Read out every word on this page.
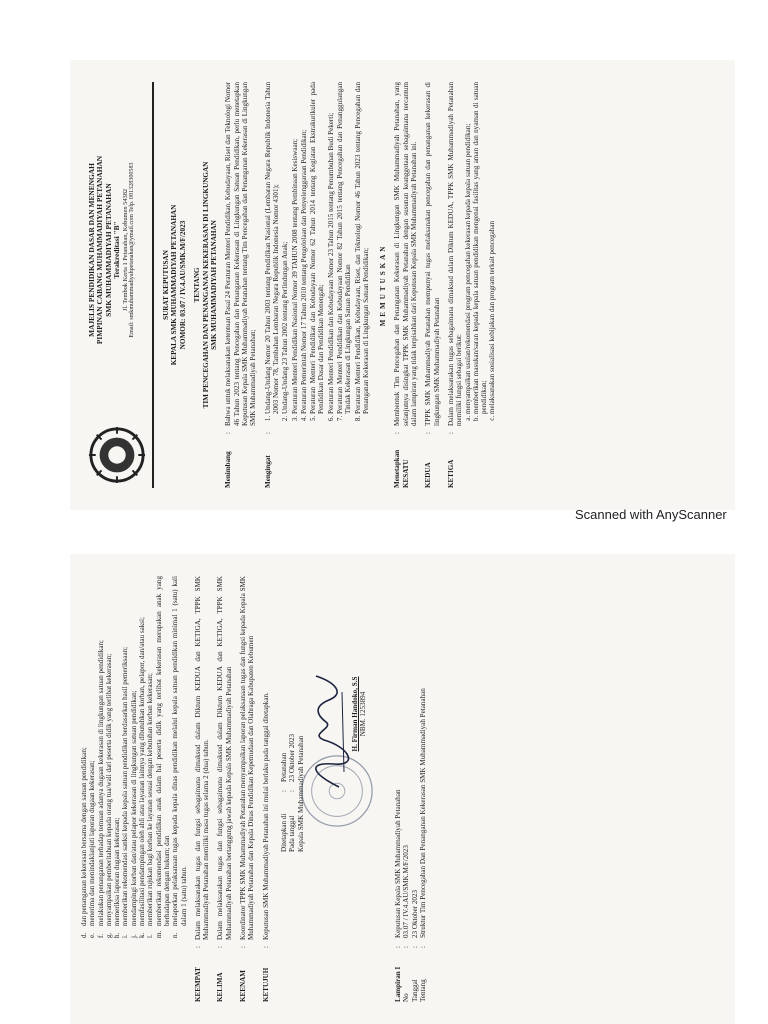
MAJELIS PENDIDIKAN DASAR DAN MENENGAH PIMPINAN CABANG MUHAMMADIYAH PETANAHAN SMK MUHAMMADIYAH PETANAHAN Terakreditasi "B" Jl. Tembok Kerta 1 Petanahan, Kebumen 54382 Email: smkmuhammadiyahpetanahan@ymail.com Telp. 081328300583	SURAT KEPUTUSAN KEPALA SMK MUHAMMADIYAH PETANAHAN NOMOR: 03.07 / IV.4.AU/SMK.M/F/2023 TENTANG TIM PENCEGAHAN DAN PENANGANAN KEKERASAN DI LINGKUNGAN SMK MUHAMMADIYAH PETANAHAN
Menimbang
:
Bahwa untuk melaksanakan ketentuan Pasal 24 Peraturan Menteri Pendidikan, Kebudayaan, Riset dan Teknologi Nomor 46 Tahun 2023 tentang Pencegahan dan Penanganan Kekerasan di Lingkungan Satuan Pendidikan, perlu menetapkan Keputusan Kepala SMK Muhammadiyah Petanahan tentang Tim Pencegahan dan Penanganan Kekerasan di Lingkungan SMK Muhammadiyah Petanahan;
Mengingat
:
1. Undang-Undang Nomor 20 Tahun 2003 tentang Pendidikan Nasional (Lembaran Negara Republik Indonesia Tahun 2003 Nomor 78, Tambahan Lembaran Negara Republik Indonesia Nomor 4301); 2. Undang-Undang 23 Tahun 2002 tentang Perlindungan Anak; 3. Peraturan Menteri Pendidikan Nasional Nomor 39 TAHUN 2008 tentang Pembinaan Kesiswaan; 4. Peraturan Pemerintah Nomor 17 Tahun 2010 tentang Pengelolaan dan Penyelenggaraan Pendidikan; 5. Peraturan Menteri Pendidikan dan Kebudayaan Nomor 62 Tahun 2014 tentang Kegiatan Ekstrakurikuler pada Pendidikan Dasar dan Pendidikan Menengah; 6. Peraturan Menteri Pendidikan dan Kebudayaan Nomor 23 Tahun 2015 tentang Penumbuhan Budi Pekerti; 7. Peraturan Menteri Pendidikan dan Kebudayaan Nomor 82 Tahun 2015 tentang Pencegahan dan Penanggulangan Tindak Kekerasan di Lingkungan Satuan Pendidikan 8. Peraturan Menteri Pendidikan, Kebudayaan, Riset, dan Teknologi Nomor 46 Tahun 2023 tentang Pencegahan dan Penanganan Kekerasan di Lingkungan Satuan Pendidikan; MEMUTUSKAN
Menetapkan KESATU
:
Membentuk Tim Pencegahan dan Penanganan Kekerasan di Lingkungan SMK Muhammadiyah Petanahan, yang selanjutnya disingkat TPPK SMK Muhammadiyah Petanahan dengan susunan keanggotaan sebagaimana tercantum dalam lampiran yang tidak terpisahkan dari Keputusan Kepala SMK Muhammadiyah Petanahan ini.
KEDUA
:
TPPK SMK Muhammadiyah Petanahan mempunyai tugas melaksanakan pencegahan dan penanganan kekerasan di lingkungan SMK Muhammadiyah Petanahan
KETIGA
:
Dalam melaksanakan tugas sebagaimana dimaksud dalam Diktum KEDUA, TPPK SMK Muhammadiyah Petanahan memiliki fungsi sebagai berikut: a. menyampaikan usulan/rekomendasi program pencegahan kekerasan kepada kepala satuan pendidikan; b. memberikan masukan/saran kepada kepala satuan pendidikan mengenai fasilitas yang aman dan nyaman di satuan pendidikan; c. melaksanakan sosialisasi kebijakan dan program terkait pencegahan
d.
dan penanganan kekerasan bersama dengan satuan pendidikan;
e.
menerima dan menindaklanjuti laporan dugaan kekerasan;
f.
melakukan penanganan terhadap temuan adanya dugaan kekerasan di lingkungan satuan pendidikan;
g.
menyampaikan pemberitahuan kepada orang tua/wali dari peserta didik yang terlibat kekerasan;
h.
memeriksa laporan dugaan kekerasan;
i.
memberikan rekomendasi sanksi kepada kepala satuan pendidikan berdasarkan hasil pemeriksaan;
j.
mendampingi korban dan/atau pelapor kekerasan di lingkungan satuan pendidikan;
k.
memfasilitasi pendampingan oleh ahli atau layanan lainnya yang dibutuhkan korban, pelapor, dan/atau saksi;
l.
memberikan rujukan bagi korban ke layanan sesuai dengan kebutuhan korban kekerasan;
m.
memberikan rekomendasi pendidikan anak dalam hal peserta didik yang terlibat kekerasan merupakan anak yang berhadapan dengan hukum; dan
n.
melaporkan pelaksanaan tugas kepada kepala dinas pendidikan melalui kepala satuan pendidikan minimal 1 (satu) kali dalam 1 (satu) tahun.
KEEMPAT
:
Dalam melaksanakan tugas dan fungsi sebagaimana dimaksud dalam Diktum KEDUA dan KETIGA, TPPK SMK Muhammadiyah Petanahan memiliki masa tugas selama 2 (dua) tahun.
KELIMA
:
Dalam melaksanakan tugas dan fungsi sebagaimana dimaksud dalam Diktum KEDUA dan KETIGA, TPPK SMK Muhammadiyah Petanahan bertanggung jawab kepada Kepala SMK Muhammadiyah Petanahan
KEENAM
:
Koordinator TPPK SMK Muhammadiyah Petanahan menyampaikan laporan pelaksanaan tugas dan fungsi kepada Kepala SMK Muhammadiyah Petanahan dan Kepala Dinas Pendidikan Kepemudaan dan Olahraga Kabupaten Kebumen
KETUJUH
:
Keputusan SMK Muhammadiyah Petanahan ini mulai berlaku pada tanggal ditetapkan. Ditetapkan di
:
Petanahan
Pada tanggal
:
23 Oktober 2023 Kepala SMK Muhammadiyah Petanahan
H. Firman Handoko, S.S NBM. 1253894
Lampiran I
:
Keputusan Kepala SMK Muhammadiyah Petanahan
No
:
03.07 / IV.4.AU/SMK.M/F/2023
Tanggal
:
23 Oktober 2023
Tentang
:
Struktur Tim Pencegahan Dan Penanganan Kekerasan SMK Muhammadiyah Petanahan
Scanned with AnyScanner
